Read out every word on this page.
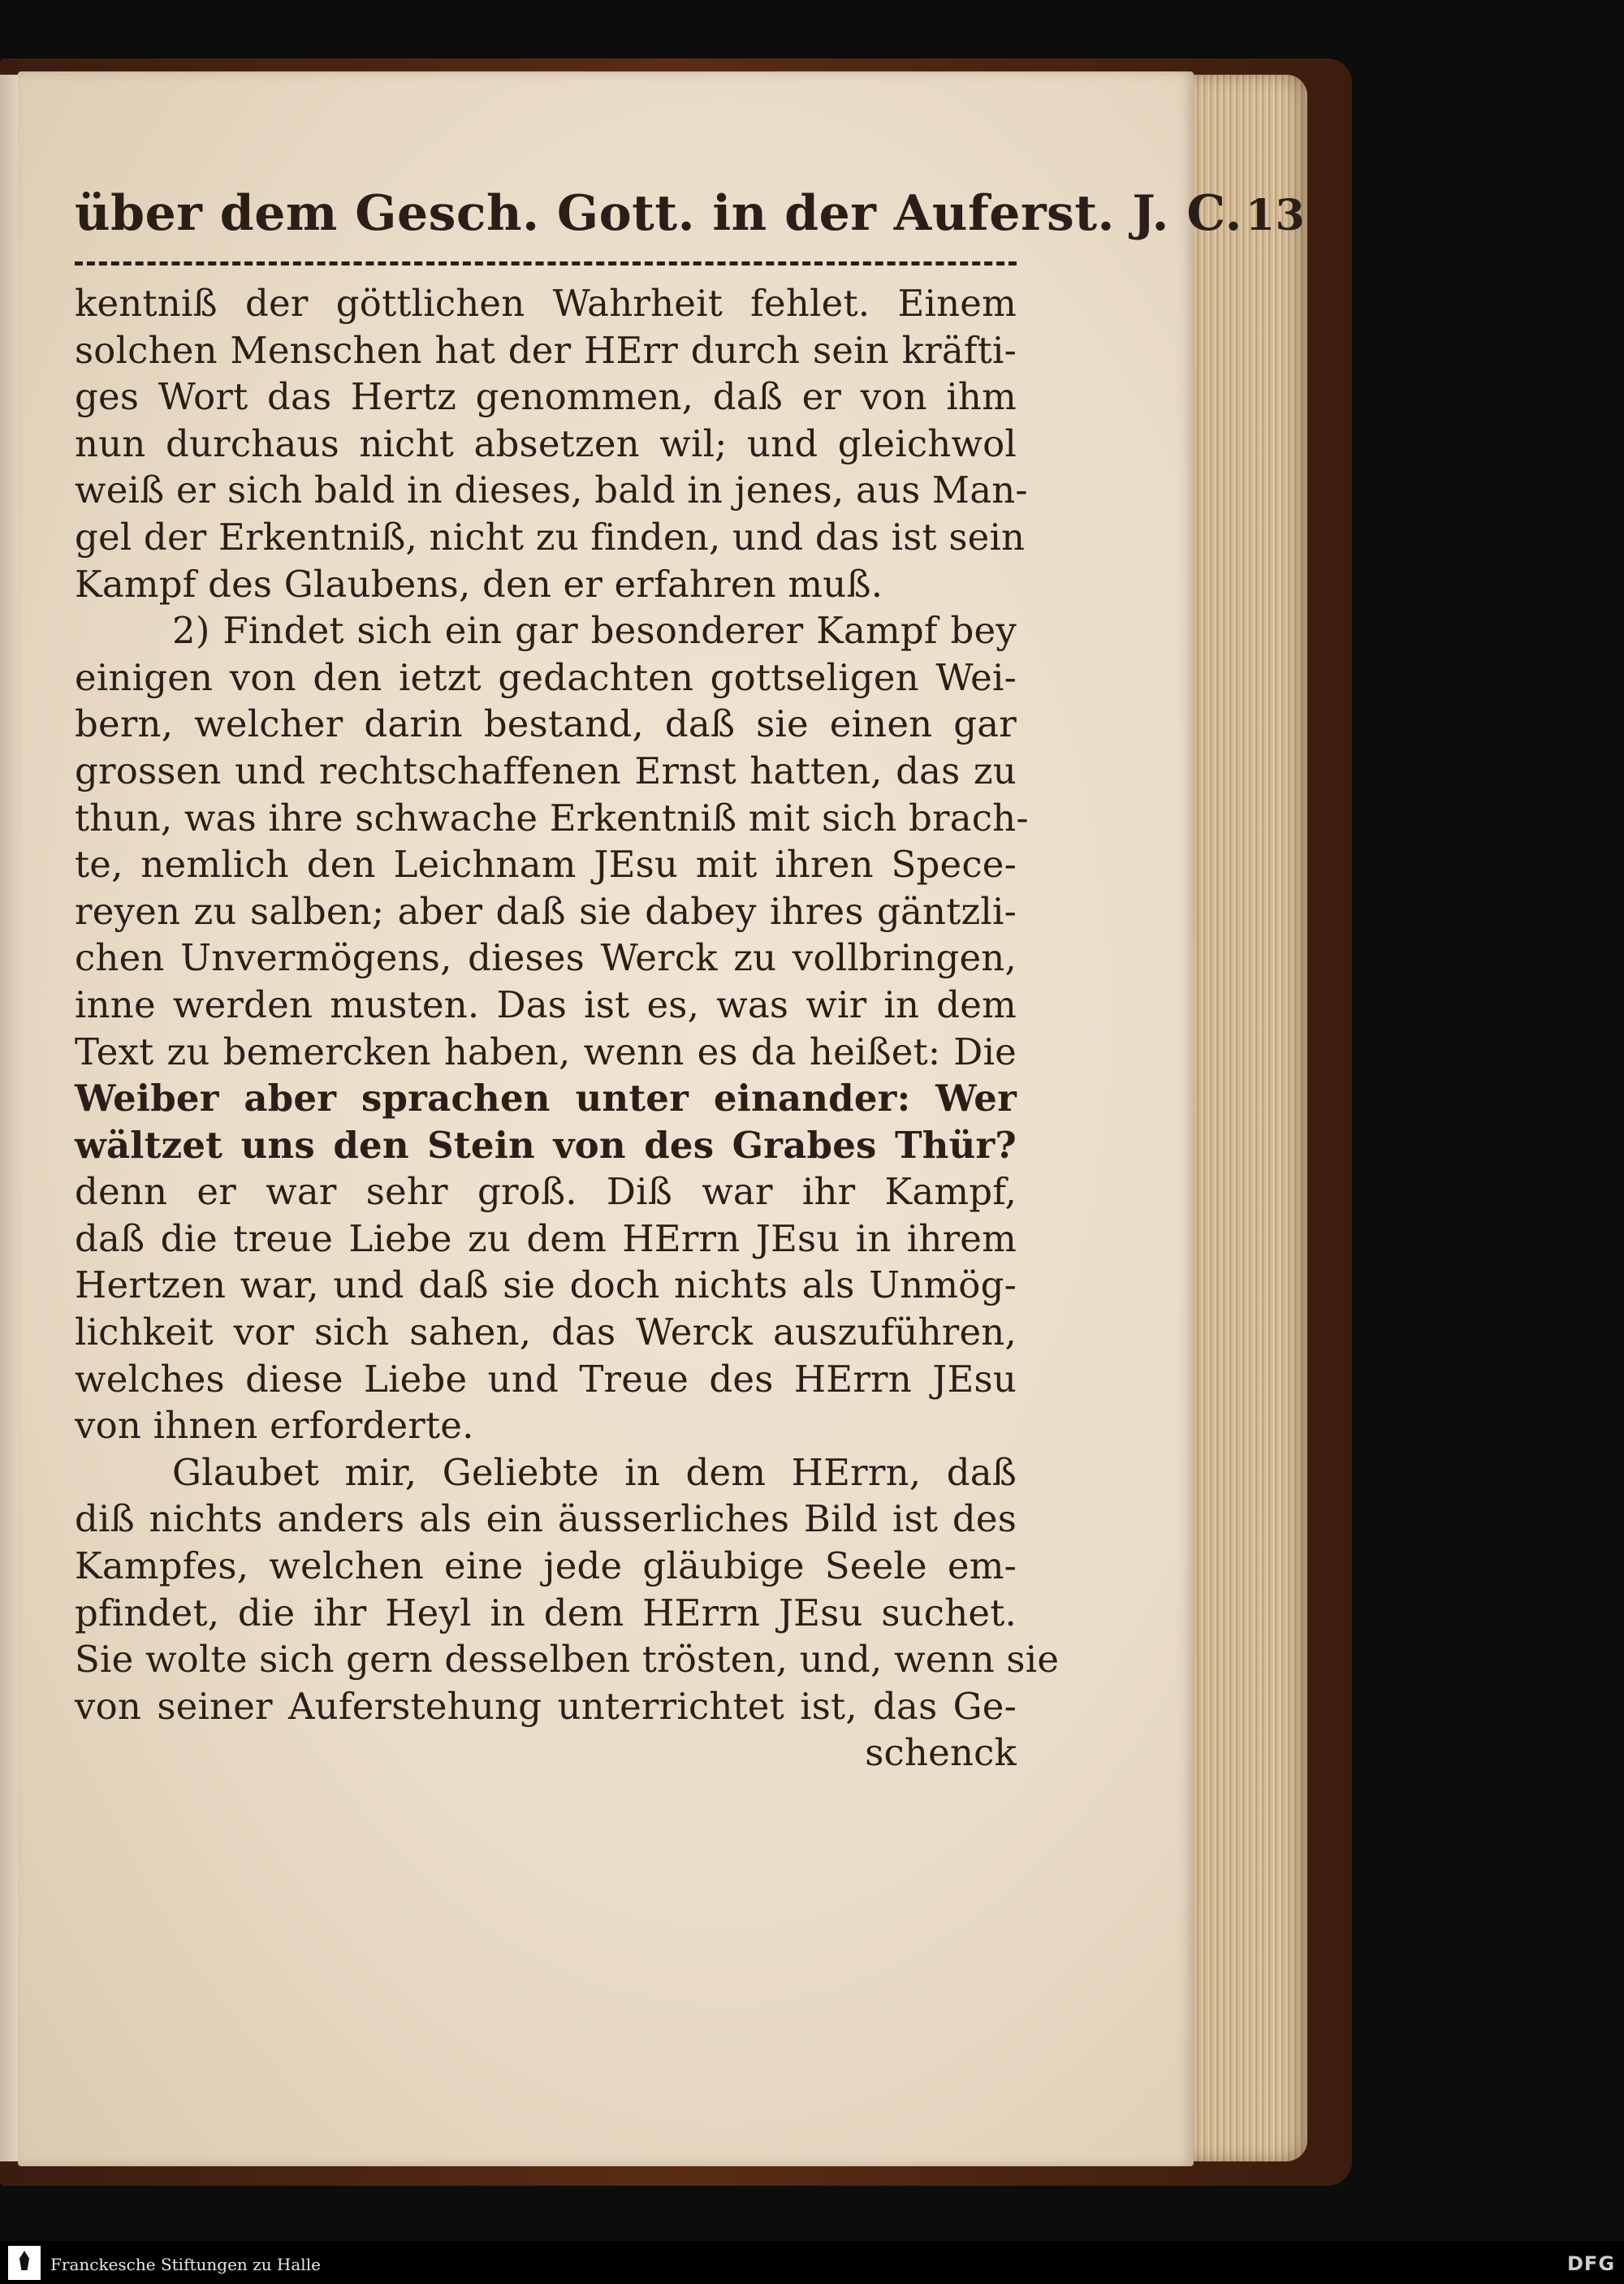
über dem Gesch. Gott. in der Auferst. J. C.13
kentniß der göttlichen Wahrheit fehlet. Einem
solchen Menschen hat der HErr durch sein kräfti-
ges Wort das Hertz genommen, daß er von ihm
nun durchaus nicht absetzen wil; und gleichwol
weiß er sich bald in dieses, bald in jenes, aus Man-
gel der Erkentniß, nicht zu finden, und das ist sein
Kampf des Glaubens, den er erfahren muß.
2) Findet sich ein gar besonderer Kampf bey
einigen von den ietzt gedachten gottseligen Wei-
bern, welcher darin bestand, daß sie einen gar
grossen und rechtschaffenen Ernst hatten, das zu
thun, was ihre schwache Erkentniß mit sich brach-
te, nemlich den Leichnam JEsu mit ihren Spece-
reyen zu salben; aber daß sie dabey ihres gäntzli-
chen Unvermögens, dieses Werck zu vollbringen,
inne werden musten. Das ist es, was wir in dem
Text zu bemercken haben, wenn es da heißet: Die
Weiber aber sprachen unter einander: Wer
wältzet uns den Stein von des Grabes Thür?
denn er war sehr groß. Diß war ihr Kampf,
daß die treue Liebe zu dem HErrn JEsu in ihrem
Hertzen war, und daß sie doch nichts als Unmög-
lichkeit vor sich sahen, das Werck auszuführen,
welches diese Liebe und Treue des HErrn JEsu
von ihnen erforderte.
Glaubet mir, Geliebte in dem HErrn, daß
diß nichts anders als ein äusserliches Bild ist des
Kampfes, welchen eine jede gläubige Seele em-
pfindet, die ihr Heyl in dem HErrn JEsu suchet.
Sie wolte sich gern desselben trösten, und, wenn sie
von seiner Auferstehung unterrichtet ist, das Ge-
schenck
Franckesche Stiftungen zu Halle	DFG
